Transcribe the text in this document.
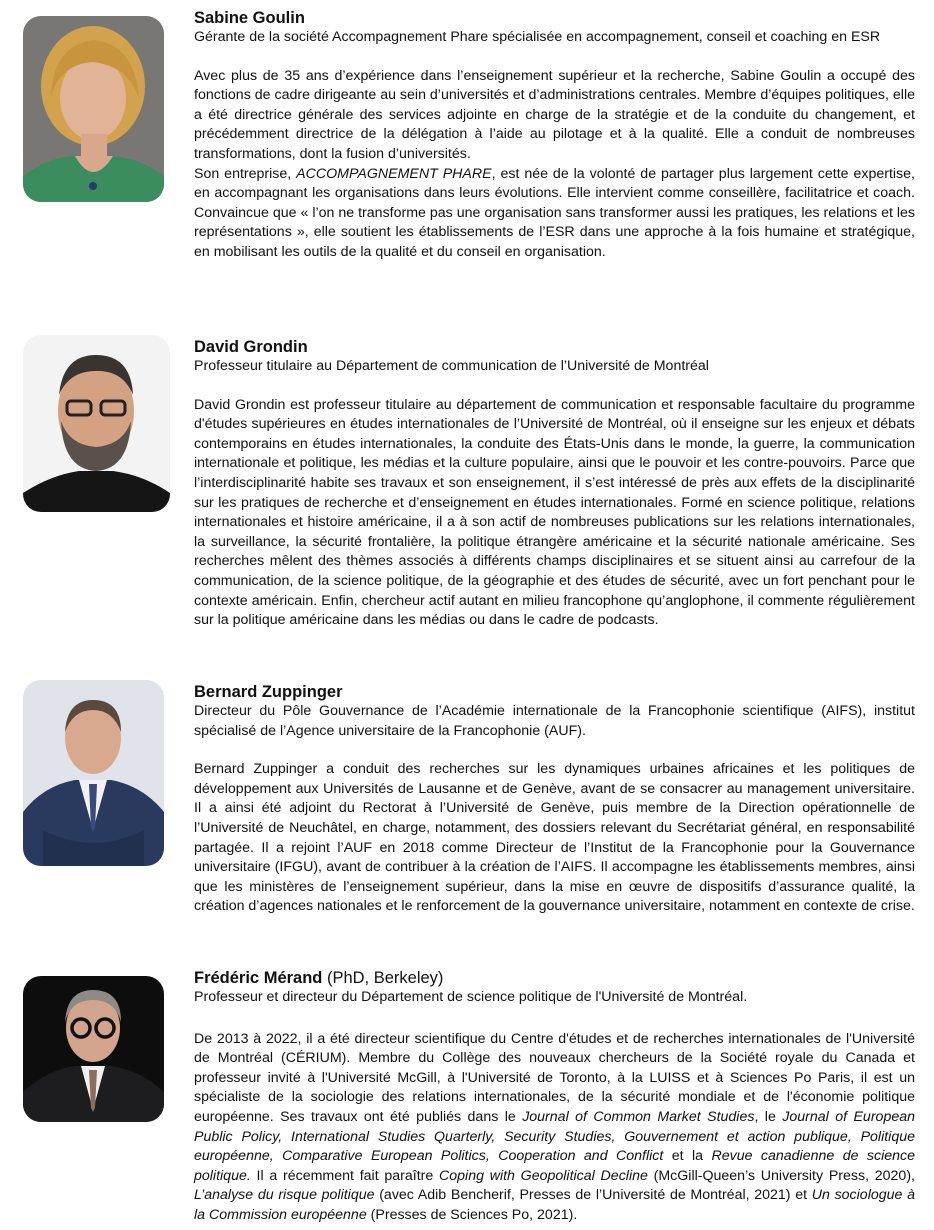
Sabine Goulin

Gérante de la société Accompagnement Phare spécialisée en accompagnement, conseil et coaching en ESR

Avec plus de 35 ans d’expérience dans l’enseignement supérieur et la recherche, Sabine Goulin a occupé des fonctions de cadre dirigeante au sein d’universités et d’administrations centrales. Membre d’équipes politiques, elle a été directrice générale des services adjointe en charge de la stratégie et de la conduite du changement, et précédemment directrice de la délégation à l’aide au pilotage et à la qualité. Elle a conduit de nombreuses transformations, dont la fusion d’universités.

Son entreprise, ACCOMPAGNEMENT PHARE, est née de la volonté de partager plus largement cette expertise, en accompagnant les organisations dans leurs évolutions. Elle intervient comme conseillère, facilitatrice et coach. Convaincue que « l’on ne transforme pas une organisation sans transformer aussi les pratiques, les relations et les représentations », elle soutient les établissements de l’ESR dans une approche à la fois humaine et stratégique, en mobilisant les outils de la qualité et du conseil en organisation.

David Grondin

Professeur titulaire au Département de communication de l’Université de Montréal

David Grondin est professeur titulaire au département de communication et responsable facultaire du programme d'études supérieures en études internationales de l’Université de Montréal, où il enseigne sur les enjeux et débats contemporains en études internationales, la conduite des États-Unis dans le monde, la guerre, la communication internationale et politique, les médias et la culture populaire, ainsi que le pouvoir et les contre-pouvoirs. Parce que l’interdisciplinarité habite ses travaux et son enseignement, il s’est intéressé de près aux effets de la disciplinarité sur les pratiques de recherche et d’enseignement en études internationales. Formé en science politique, relations internationales et histoire américaine, il a à son actif de nombreuses publications sur les relations internationales, la surveillance, la sécurité frontalière, la politique étrangère américaine et la sécurité nationale américaine. Ses recherches mêlent des thèmes associés à différents champs disciplinaires et se situent ainsi au carrefour de la communication, de la science politique, de la géographie et des études de sécurité, avec un fort penchant pour le contexte américain. Enfin, chercheur actif autant en milieu francophone qu’anglophone, il commente régulièrement sur la politique américaine dans les médias ou dans le cadre de podcasts.

Bernard Zuppinger

Directeur du Pôle Gouvernance de l’Académie internationale de la Francophonie scientifique (AIFS), institut spécialisé de l’Agence universitaire de la Francophonie (AUF).

Bernard Zuppinger a conduit des recherches sur les dynamiques urbaines africaines et les politiques de développement aux Universités de Lausanne et de Genève, avant de se consacrer au management universitaire. Il a ainsi été adjoint du Rectorat à l’Université de Genève, puis membre de la Direction opérationnelle de l’Université de Neuchâtel, en charge, notamment, des dossiers relevant du Secrétariat général, en responsabilité partagée. Il a rejoint l’AUF en 2018 comme Directeur de l’Institut de la Francophonie pour la Gouvernance universitaire (IFGU), avant de contribuer à la création de l’AIFS. Il accompagne les établissements membres, ainsi que les ministères de l’enseignement supérieur, dans la mise en œuvre de dispositifs d’assurance qualité, la création d’agences nationales et le renforcement de la gouvernance universitaire, notamment en contexte de crise.

Frédéric Mérand (PhD, Berkeley)

Professeur et directeur du Département de science politique de l'Université de Montréal.

De 2013 à 2022, il a été directeur scientifique du Centre d'études et de recherches internationales de l'Université de Montréal (CÉRIUM). Membre du Collège des nouveaux chercheurs de la Société royale du Canada et professeur invité à l'Université McGill, à l'Université de Toronto, à la LUISS et à Sciences Po Paris, il est un spécialiste de la sociologie des relations internationales, de la sécurité mondiale et de l'économie politique européenne. Ses travaux ont été publiés dans le Journal of Common Market Studies, le Journal of European Public Policy, International Studies Quarterly, Security Studies, Gouvernement et action publique, Politique européenne, Comparative European Politics, Cooperation and Conflict et la Revue canadienne de science politique. Il a récemment fait paraître Coping with Geopolitical Decline (McGill-Queen’s University Press, 2020), L’analyse du risque politique (avec Adib Bencherif, Presses de l’Université de Montréal, 2021) et Un sociologue à la Commission européenne (Presses de Sciences Po, 2021).
